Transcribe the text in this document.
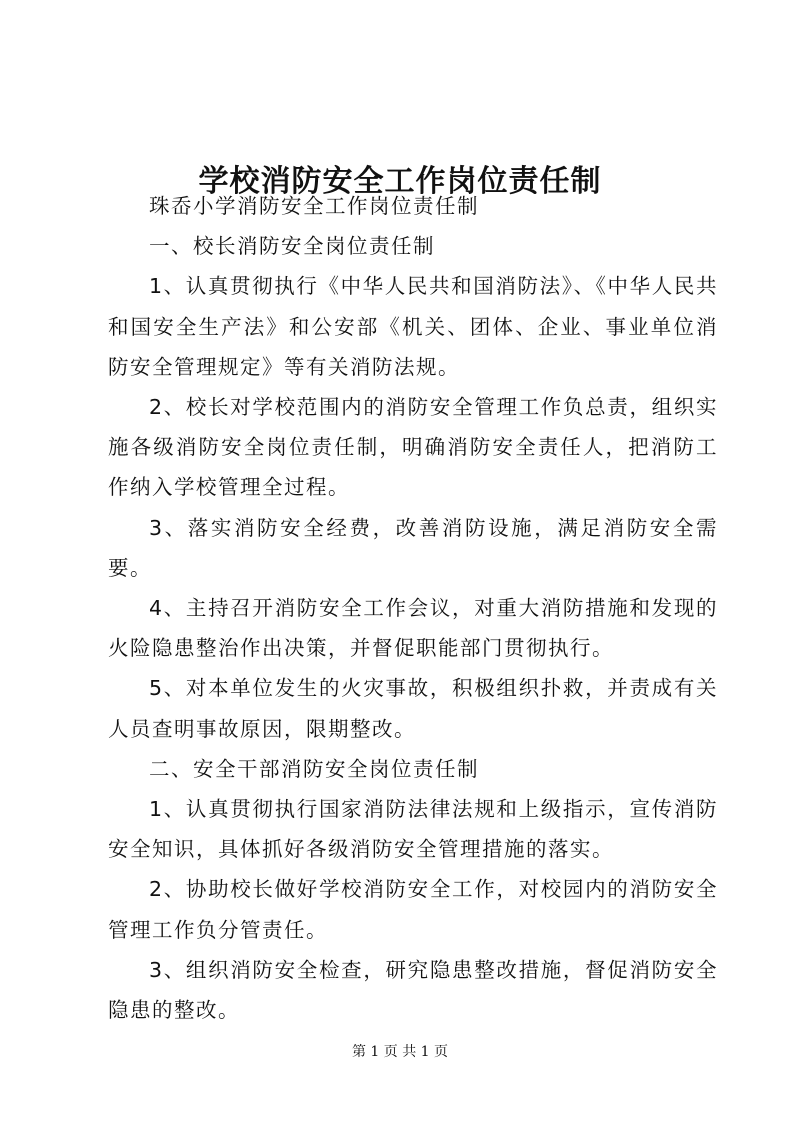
学校消防安全工作岗位责任制

珠岙小学消防安全工作岗位责任制

一、校长消防安全岗位责任制

1、认真贯彻执行《中华人民共和国消防法》、《中华人民共和国安全生产法》和公安部《机关、团体、企业、事业单位消防安全管理规定》等有关消防法规。

2、校长对学校范围内的消防安全管理工作负总责，组织实施各级消防安全岗位责任制，明确消防安全责任人，把消防工作纳入学校管理全过程。

3、落实消防安全经费，改善消防设施，满足消防安全需要。

4、主持召开消防安全工作会议，对重大消防措施和发现的火险隐患整治作出决策，并督促职能部门贯彻执行。

5、对本单位发生的火灾事故，积极组织扑救，并责成有关人员查明事故原因，限期整改。

二、安全干部消防安全岗位责任制

1、认真贯彻执行国家消防法律法规和上级指示，宣传消防安全知识，具体抓好各级消防安全管理措施的落实。

2、协助校长做好学校消防安全工作，对校园内的消防安全管理工作负分管责任。

3、组织消防安全检查，研究隐患整改措施，督促消防安全隐患的整改。

第 1 页 共 1 页
